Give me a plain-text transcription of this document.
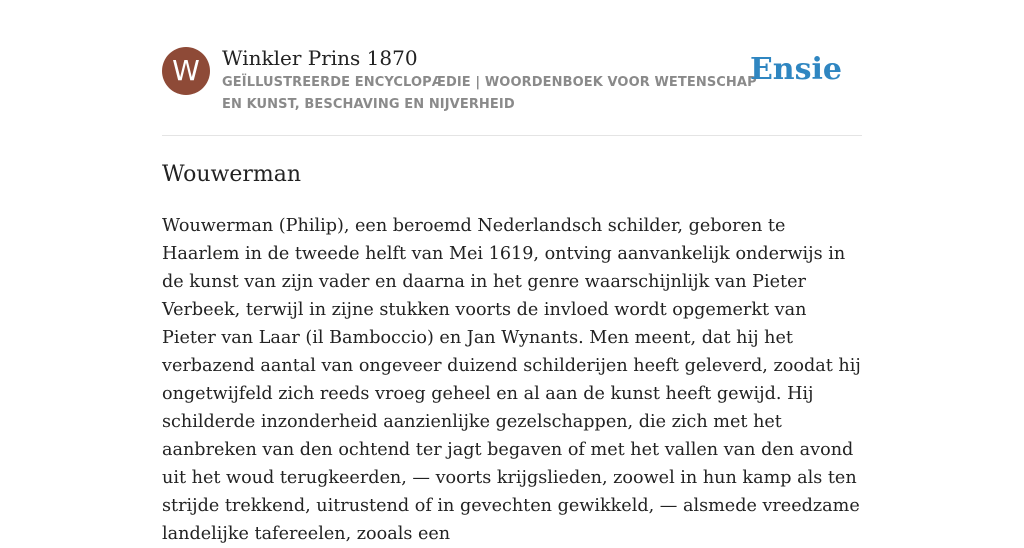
W	Winkler Prins 1870
GEÏLLUSTREERDE ENCYCLOPÆDIE | WOORDENBOEK VOOR WETENSCHAP EN KUNST, BESCHAVING EN NIJVERHEID
Ensie
Wouwerman

Wouwerman (Philip), een beroemd Nederlandsch schilder, geboren te Haarlem in de tweede helft van Mei 1619, ontving aanvankelijk onderwijs in de kunst van zijn vader en daarna in het genre waarschijnlijk van Pieter Verbeek, terwijl in zijne stukken voorts de invloed wordt opgemerkt van Pieter van Laar (il Bamboccio) en Jan Wynants. Men meent, dat hij het verbazend aantal van ongeveer duizend schilderijen heeft geleverd, zoodat hij ongetwijfeld zich reeds vroeg geheel en al aan de kunst heeft gewijd. Hij schilderde inzonderheid aanzienlijke gezelschappen, die zich met het aanbreken van den ochtend ter jagt begaven of met het vallen van den avond uit het woud terugkeerden, — voorts krijgslieden, zoowel in hun kamp als ten strijde trekkend, uitrustend of in gevechten gewikkeld, — alsmede vreedzame landelijke tafereelen, zooals een
